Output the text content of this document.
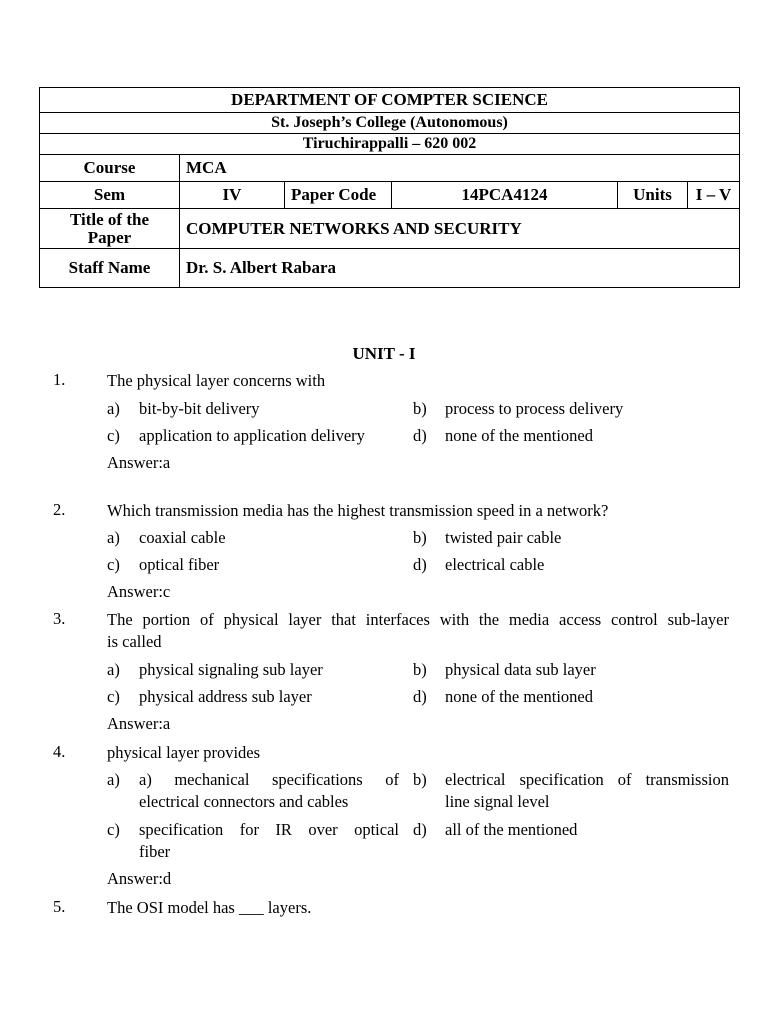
DEPARTMENT OF COMPTER SCIENCE					
St. Joseph’s College (Autonomous)					
Tiruchirappalli – 620 002					
Course	MCA				
Sem	IV	Paper Code	14PCA4124	Units	I – V
Title of the
Paper	COMPUTER NETWORKS AND SECURITY				
Staff Name	Dr. S. Albert Rabara				
UNIT - I
1.	The physical layer concerns with
a) bit-by-bit delivery	b) process to process delivery
c) application to application delivery	d) none of the mentioned
Answer:a
2.	Which transmission media has the highest transmission speed in a network?
a) coaxial cable	b) twisted pair cable
c) optical fiber	d) electrical cable
Answer:c
3.	The portion of physical layer that interfaces with the media access control sub-layer
is called
a) physical signaling sub layer	b) physical data sub layer
c) physical address sub layer	d) none of the mentioned
Answer:a
4.	physical layer provides
a) a) mechanical specifications of
electrical connectors and cables
b) electrical specification of transmission
line signal level
c) specification for IR over optical
fiber
d) all of the mentioned
Answer:d
5.	The OSI model has ___ layers.
